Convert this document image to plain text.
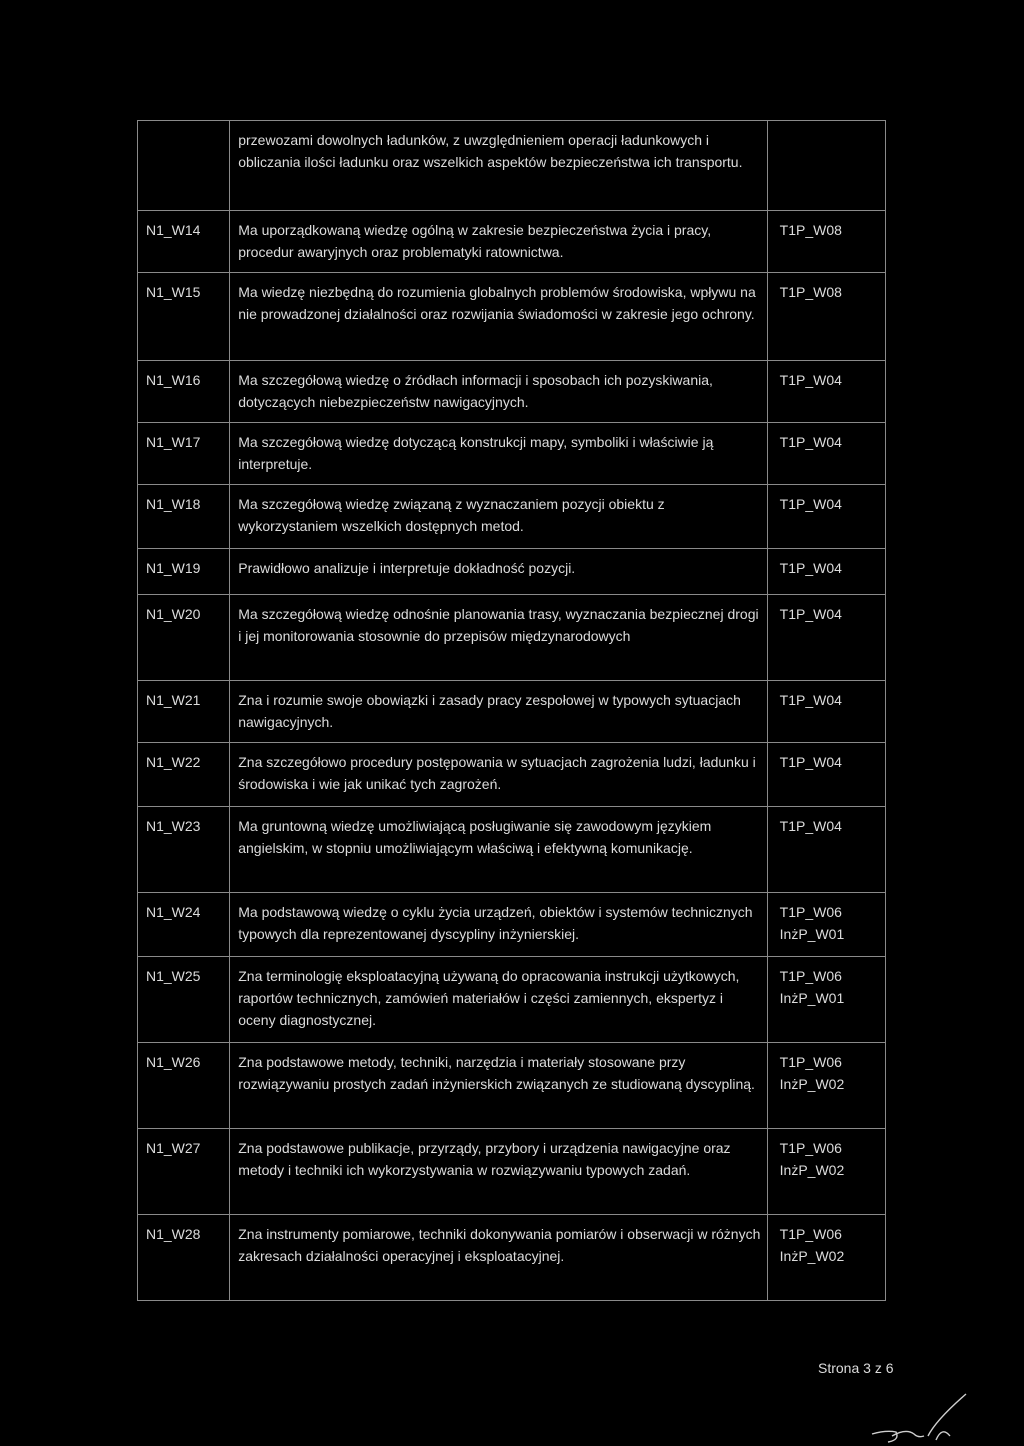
	przewozami dowolnych ładunków, z uwzględnieniem operacji ładunkowych i obliczania ilości ładunku oraz wszelkich aspektów bezpieczeństwa ich transportu.	
N1_W14	Ma uporządkowaną wiedzę ogólną w zakresie bezpieczeństwa życia i pracy, procedur awaryjnych oraz problematyki ratownictwa.	T1P_W08

N1_W15	Ma wiedzę niezbędną do rozumienia globalnych problemów środowiska, wpływu na nie prowadzonej działalności oraz rozwijania świadomości w zakresie jego ochrony.	T1P_W08

N1_W16	Ma szczegółową wiedzę o źródłach informacji i sposobach ich pozyskiwania, dotyczących niebezpieczeństw nawigacyjnych.	T1P_W04

N1_W17	Ma szczegółową wiedzę dotyczącą konstrukcji mapy, symboliki i właściwie ją interpretuje.	T1P_W04

N1_W18	Ma szczegółową wiedzę związaną z wyznaczaniem pozycji obiektu z wykorzystaniem wszelkich dostępnych metod.	T1P_W04

N1_W19	Prawidłowo analizuje i interpretuje dokładność pozycji.	T1P_W04

N1_W20	Ma szczegółową wiedzę odnośnie planowania trasy, wyznaczania bezpiecznej drogi i jej monitorowania stosownie do przepisów międzynarodowych	T1P_W04

N1_W21	Zna i rozumie swoje obowiązki i zasady pracy zespołowej w typowych sytuacjach nawigacyjnych.	T1P_W04

N1_W22	Zna szczegółowo procedury postępowania w sytuacjach zagrożenia ludzi, ładunku i środowiska i wie jak unikać tych zagrożeń.	T1P_W04

N1_W23	Ma gruntowną wiedzę umożliwiającą posługiwanie się zawodowym językiem angielskim, w stopniu umożliwiającym właściwą i efektywną komunikację.	T1P_W04

N1_W24	Ma podstawową wiedzę o cyklu życia urządzeń, obiektów i systemów technicznych typowych dla reprezentowanej dyscypliny inżynierskiej.	T1P_W06
InżP_W01

N1_W25	Zna terminologię eksploatacyjną używaną do opracowania instrukcji użytkowych, raportów technicznych, zamówień materiałów i części zamiennych, ekspertyz i oceny diagnostycznej.	T1P_W06
InżP_W01

N1_W26	Zna podstawowe metody, techniki, narzędzia i materiały stosowane przy rozwiązywaniu prostych zadań inżynierskich związanych ze studiowaną dyscypliną.	T1P_W06
InżP_W02

N1_W27	Zna podstawowe publikacje, przyrządy, przybory i urządzenia nawigacyjne oraz metody i techniki ich wykorzystywania w rozwiązywaniu typowych zadań.	T1P_W06
InżP_W02

N1_W28	Zna instrumenty pomiarowe, techniki dokonywania pomiarów i obserwacji w różnych zakresach działalności operacyjnej i eksploatacyjnej.	T1P_W06
InżP_W02
Strona 3 z 6
